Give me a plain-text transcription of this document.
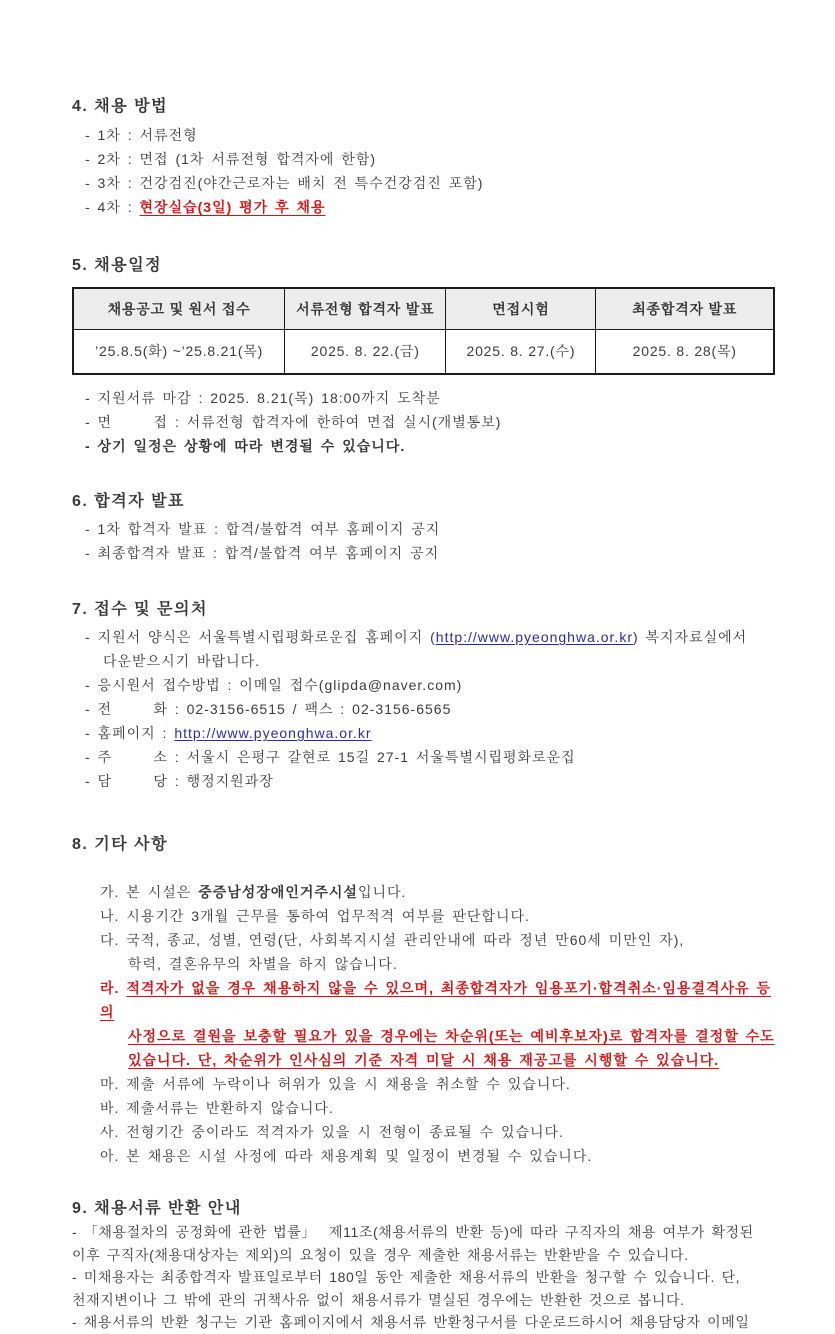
4. 채용 방법
- 1차 : 서류전형
- 2차 : 면접 (1차 서류전형 합격자에 한함)
- 3차 : 건강검진(야간근로자는 배치 전 특수건강검진 포함)
- 4차 : 현장실습(3일) 평가 후 채용
5. 채용일정
채용공고 및 원서 접수	서류전형 합격자 발표	면접시험	최종합격자 발표
’25.8.5(화) ~’25.8.21(목)	2025. 8. 22.(금)	2025. 8. 27.(수)	2025. 8. 28(목)
- 지원서류 마감 : 2025. 8.21(목) 18:00까지 도착분
- 면      접 : 서류전형 합격자에 한하여 면접 실시(개별통보)
- 상기 일정은 상황에 따라 변경될 수 있습니다.
6. 합격자 발표
- 1차 합격자 발표 : 합격/불합격 여부 홈페이지 공지
- 최종합격자 발표 : 합격/불합격 여부 홈페이지 공지
7. 접수 및 문의처
- 지원서 양식은 서울특별시립평화로운집 홈페이지 (http://www.pyeonghwa.or.kr) 복지자료실에서
다운받으시기 바랍니다.
- 응시원서 접수방법 : 이메일 접수(glipda@naver.com)
- 전      화 : 02-3156-6515 / 팩스 : 02-3156-6565
- 홈페이지 : http://www.pyeonghwa.or.kr
- 주      소 : 서울시 은평구 갈현로 15길 27-1 서울특별시립평화로운집
- 담      당 : 행정지원과장
8. 기타 사항
가. 본 시설은 중증남성장애인거주시설입니다.
나. 시용기간 3개월 근무를 통하여 업무적격 여부를 판단합니다.
다. 국적, 종교, 성별, 연령(단, 사회복지시설 관리안내에 따라 정년 만60세 미만인 자),
학력, 결혼유무의 차별을 하지 않습니다.
라. 적격자가 없을 경우 채용하지 않을 수 있으며, 최종합격자가 임용포기·합격취소·임용결격사유 등의
사정으로 결원을 보충할 필요가 있을 경우에는 차순위(또는 예비후보자)로 합격자를 결정할 수도
있습니다. 단, 차순위가 인사심의 기준 자격 미달 시 채용 재공고를 시행할 수 있습니다.
마. 제출 서류에 누락이나 허위가 있을 시 채용을 취소할 수 있습니다.
바. 제출서류는 반환하지 않습니다.
사. 전형기간 중이라도 적격자가 있을 시 전형이 종료될 수 있습니다.
아. 본 채용은 시설 사정에 따라 채용계획 및 일정이 변경될 수 있습니다.
9. 채용서류 반환 안내
- 「채용절차의 공정화에 관한 법률」  제11조(채용서류의 반환 등)에 따라 구직자의 채용 여부가 확정된
이후 구직자(채용대상자는 제외)의 요청이 있을 경우 제출한 채용서류는 반환받을 수 있습니다.
- 미채용자는 최종합격자 발표일로부터 180일 동안 제출한 채용서류의 반환을 청구할 수 있습니다. 단,
천재지변이나 그 밖에 관의 귀책사유 없이 채용서류가 멸실된 경우에는 반환한 것으로 봅니다.
- 채용서류의 반환 청구는 기관 홈페이지에서 채용서류 반환청구서를 다운로드하시어 채용담당자 이메일
